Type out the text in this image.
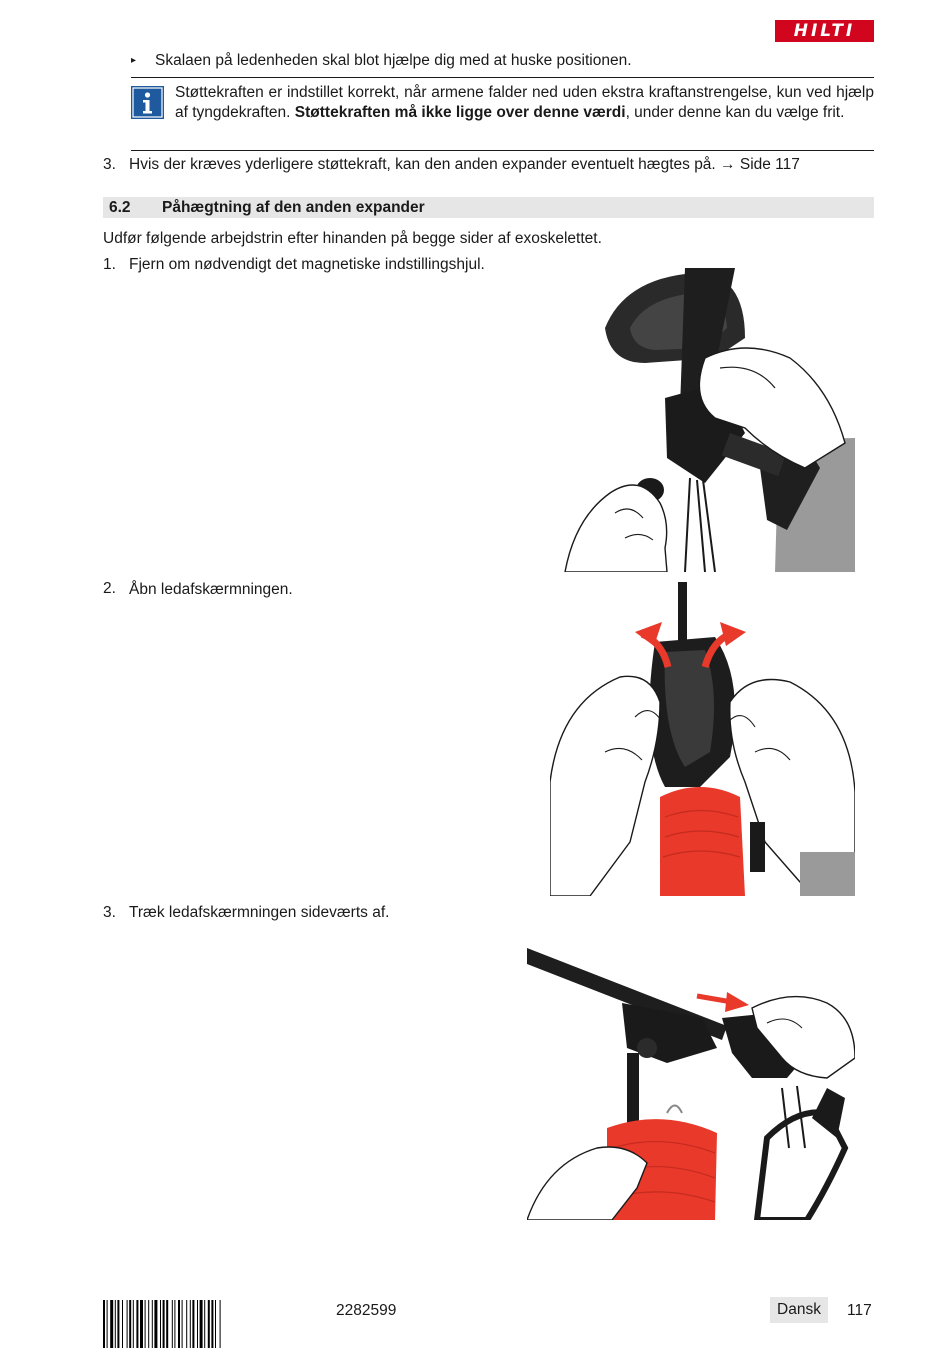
HILTI
▸ Skalaen på ledenheden skal blot hjælpe dig med at huske positionen.
Støttekraften er indstillet korrekt, når armene falder ned uden ekstra kraftanstrengelse, kun ved hjælp af tyngdekraften. Støttekraften må ikke ligge over denne værdi, under denne kan du vælge frit.
3. Hvis der kræves yderligere støttekraft, kan den anden expander eventuelt hægtes på. → Side 117
6.2 Påhægtning af den anden expander
Udfør følgende arbejdstrin efter hinanden på begge sider af exoskelettet.
1. Fjern om nødvendigt det magnetiske indstillingshjul.
2. Åbn ledafskærmningen.
3. Træk ledafskærmningen sideværts af.
2282599	Dansk	117
